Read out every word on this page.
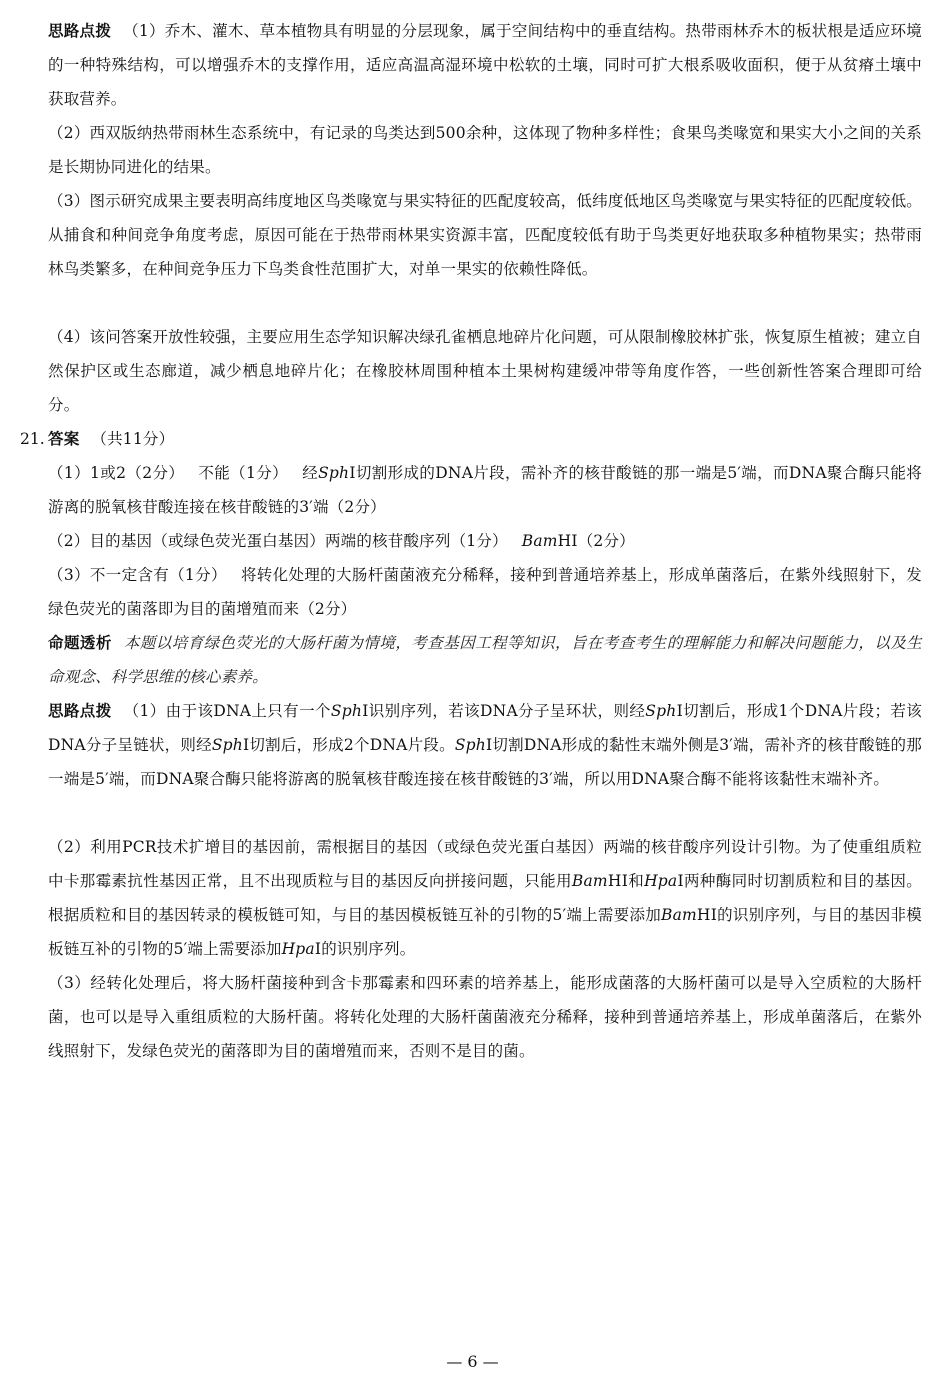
思路点拨 （1）乔木、灌木、草本植物具有明显的分层现象，属于空间结构中的垂直结构。热带雨林乔木的板状根是适应环境的一种特殊结构，可以增强乔木的支撑作用，适应高温高湿环境中松软的土壤，同时可扩大根系吸收面积，便于从贫瘠土壤中获取营养。
（2）西双版纳热带雨林生态系统中，有记录的鸟类达到500余种，这体现了物种多样性；食果鸟类喙宽和果实大小之间的关系是长期协同进化的结果。
（3）图示研究成果主要表明高纬度地区鸟类喙宽与果实特征的匹配度较高，低纬度低地区鸟类喙宽与果实特征的匹配度较低。从捕食和种间竞争角度考虑，原因可能在于热带雨林果实资源丰富，匹配度较低有助于鸟类更好地获取多种植物果实；热带雨林鸟类繁多，在种间竞争压力下鸟类食性范围扩大，对单一果实的依赖性降低。
（4）该问答案开放性较强，主要应用生态学知识解决绿孔雀栖息地碎片化问题，可从限制橡胶林扩张，恢复原生植被；建立自然保护区或生态廊道，减少栖息地碎片化；在橡胶林周围种植本土果树构建缓冲带等角度作答，一些创新性答案合理即可给分。
21. 答案 （共11分）
（1）1或2（2分） 不能（1分） 经SphⅠ切割形成的DNA片段，需补齐的核苷酸链的那一端是5′端，而DNA聚合酶只能将游离的脱氧核苷酸连接在核苷酸链的3′端（2分）
（2）目的基因（或绿色荧光蛋白基因）两端的核苷酸序列（1分） BamHⅠ（2分）
（3）不一定含有（1分） 将转化处理的大肠杆菌菌液充分稀释，接种到普通培养基上，形成单菌落后，在紫外线照射下，发绿色荧光的菌落即为目的菌增殖而来（2分）
命题透析 本题以培育绿色荧光的大肠杆菌为情境，考查基因工程等知识，旨在考查考生的理解能力和解决问题能力，以及生命观念、科学思维的核心素养。
思路点拨 （1）由于该DNA上只有一个SphⅠ识别序列，若该DNA分子呈环状，则经SphⅠ切割后，形成1个DNA片段；若该DNA分子呈链状，则经SphⅠ切割后，形成2个DNA片段。SphⅠ切割DNA形成的黏性末端外侧是3′端，需补齐的核苷酸链的那一端是5′端，而DNA聚合酶只能将游离的脱氧核苷酸连接在核苷酸链的3′端，所以用DNA聚合酶不能将该黏性末端补齐。
（2）利用PCR技术扩增目的基因前，需根据目的基因（或绿色荧光蛋白基因）两端的核苷酸序列设计引物。为了使重组质粒中卡那霉素抗性基因正常，且不出现质粒与目的基因反向拼接问题，只能用BamHⅠ和HpaⅠ两种酶同时切割质粒和目的基因。根据质粒和目的基因转录的模板链可知，与目的基因模板链互补的引物的5′端上需要添加BamHⅠ的识别序列，与目的基因非模板链互补的引物的5′端上需要添加HpaⅠ的识别序列。
（3）经转化处理后，将大肠杆菌接种到含卡那霉素和四环素的培养基上，能形成菌落的大肠杆菌可以是导入空质粒的大肠杆菌，也可以是导入重组质粒的大肠杆菌。将转化处理的大肠杆菌菌液充分稀释，接种到普通培养基上，形成单菌落后，在紫外线照射下，发绿色荧光的菌落即为目的菌增殖而来，否则不是目的菌。
— 6 —
